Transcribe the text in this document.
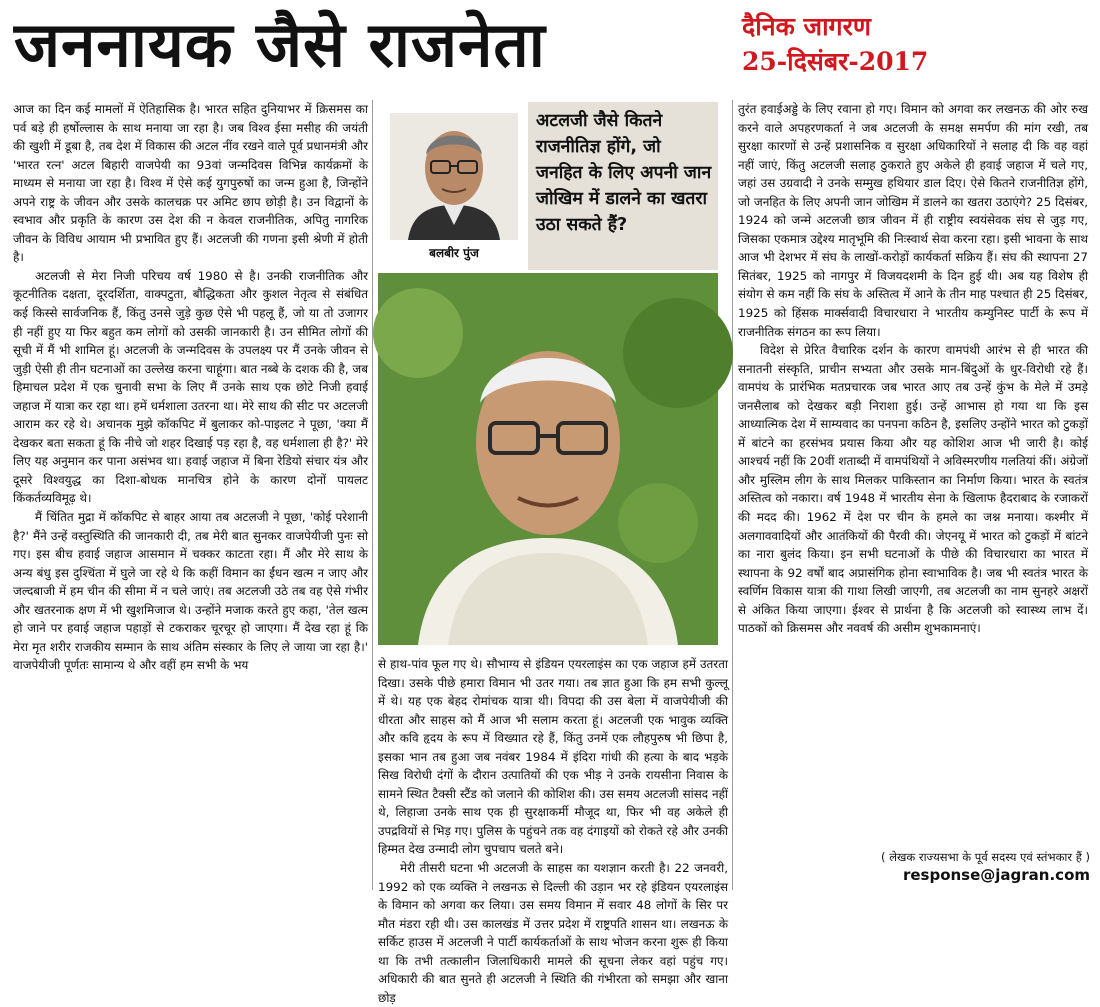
जननायक जैसे राजनेता	दैनिक जागरण
25-दिसंबर-2017

आज का दिन कई मामलों में ऐतिहासिक है। भारत सहित दुनियाभर में क्रिसमस का पर्व बड़े ही हर्षोल्लास के साथ मनाया जा रहा है। जब विश्व ईसा मसीह की जयंती की खुशी में डूबा है, तब देश में विकास की अटल नींव रखने वाले पूर्व प्रधानमंत्री और 'भारत रत्न' अटल बिहारी वाजपेयी का 93वां जन्मदिवस विभिन्न कार्यक्रमों के माध्यम से मनाया जा रहा है। विश्व में ऐसे कई युगपुरुषों का जन्म हुआ है, जिन्होंने अपने राष्ट्र के जीवन और उसके कालचक्र पर अमिट छाप छोड़ी है। उन विद्वानों के स्वभाव और प्रकृति के कारण उस देश की न केवल राजनीतिक, अपितु नागरिक जीवन के विविध आयाम भी प्रभावित हुए हैं। अटलजी की गणना इसी श्रेणी में होती है।

अटलजी से मेरा निजी परिचय वर्ष 1980 से है। उनकी राजनीतिक और कूटनीतिक दक्षता, दूरदर्शिता, वाक्पटुता, बौद्धिकता और कुशल नेतृत्व से संबंधित कई किस्से सार्वजनिक हैं, किंतु उनसे जुड़े कुछ ऐसे भी पहलू हैं, जो या तो उजागर ही नहीं हुए या फिर बहुत कम लोगों को उसकी जानकारी है। उन सीमित लोगों की सूची में मैं भी शामिल हूं। अटलजी के जन्मदिवस के उपलक्ष्य पर मैं उनके जीवन से जुड़ी ऐसी ही तीन घटनाओं का उल्लेख करना चाहूंगा। बात नब्बे के दशक की है, जब हिमाचल प्रदेश में एक चुनावी सभा के लिए मैं उनके साथ एक छोटे निजी हवाई जहाज में यात्रा कर रहा था। हमें धर्मशाला उतरना था। मेरे साथ की सीट पर अटलजी आराम कर रहे थे। अचानक मुझे कॉकपिट में बुलाकर को-पाइलट ने पूछा, 'क्या मैं देखकर बता सकता हूं कि नीचे जो शहर दिखाई पड़ रहा है, वह धर्मशाला ही है?' मेरे लिए यह अनुमान कर पाना असंभव था। हवाई जहाज में बिना रेडियो संचार यंत्र और दूसरे विश्वयुद्ध का दिशा-बोधक मानचित्र होने के कारण दोनों पायलट किंकर्तव्यविमूढ़ थे।

मैं चिंतित मुद्रा में कॉकपिट से बाहर आया तब अटलजी ने पूछा, 'कोई परेशानी है?' मैंने उन्हें वस्तुस्थिति की जानकारी दी, तब मेरी बात सुनकर वाजपेयीजी पुनः सो गए। इस बीच हवाई जहाज आसमान में चक्कर काटता रहा। मैं और मेरे साथ के अन्य बंधु इस दुश्चिंता में घुले जा रहे थे कि कहीं विमान का ईंधन खत्म न जाए और जल्दबाजी में हम चीन की सीमा में न चले जाएं। तब अटलजी उठे तब वह ऐसे गंभीर और खतरनाक क्षण में भी खुशमिजाज थे। उन्होंने मजाक करते हुए कहा, 'तेल खत्म हो जाने पर हवाई जहाज पहाड़ों से टकराकर चूरचूर हो जाएगा। मैं देख रहा हूं कि मेरा मृत शरीर राजकीय सम्मान के साथ अंतिम संस्कार के लिए ले जाया जा रहा है।' वाजपेयीजी पूर्णतः सामान्य थे और वहीं हम सभी के भय

बलबीर पुंज
अटलजी जैसे कितने राजनीतिज्ञ होंगे, जो जनहित के लिए अपनी जान जोखिम में डालने का खतरा उठा सकते हैं?

से हाथ-पांव फूल गए थे। सौभाग्य से इंडियन एयरलाइंस का एक जहाज हमें उतरता दिखा। उसके पीछे हमारा विमान भी उतर गया। तब ज्ञात हुआ कि हम सभी कुल्लू में थे। यह एक बेहद रोमांचक यात्रा थी। विपदा की उस बेला में वाजपेयीजी की धीरता और साहस को मैं आज भी सलाम करता हूं। अटलजी एक भावुक व्यक्ति और कवि हृदय के रूप में विख्यात रहे हैं, किंतु उनमें एक लौहपुरुष भी छिपा है, इसका भान तब हुआ जब नवंबर 1984 में इंदिरा गांधी की हत्या के बाद भड़के सिख विरोधी दंगों के दौरान उत्पातियों की एक भीड़ ने उनके रायसीना निवास के सामने स्थित टैक्सी स्टैंड को जलाने की कोशिश की। उस समय अटलजी सांसद नहीं थे, लिहाजा उनके साथ एक ही सुरक्षाकर्मी मौजूद था, फिर भी वह अकेले ही उपद्रवियों से भिड़ गए। पुलिस के पहुंचने तक वह दंगाइयों को रोकते रहे और उनकी हिम्मत देख उन्मादी लोग चुपचाप चलते बने।

मेरी तीसरी घटना भी अटलजी के साहस का यशज्ञान करती है। 22 जनवरी, 1992 को एक व्यक्ति ने लखनऊ से दिल्ली की उड़ान भर रहे इंडियन एयरलाइंस के विमान को अगवा कर लिया। उस समय विमान में सवार 48 लोगों के सिर पर मौत मंडरा रही थी। उस कालखंड में उत्तर प्रदेश में राष्ट्रपति शासन था। लखनऊ के सर्किट हाउस में अटलजी ने पार्टी कार्यकर्ताओं के साथ भोजन करना शुरू ही किया था कि तभी तत्कालीन जिलाधिकारी मामले की सूचना लेकर वहां पहुंच गए। अधिकारी की बात सुनते ही अटलजी ने स्थिति की गंभीरता को समझा और खाना छोड़

तुरंत हवाईअड्डे के लिए रवाना हो गए। विमान को अगवा कर लखनऊ की ओर रुख करने वाले अपहरणकर्ता ने जब अटलजी के समक्ष समर्पण की मांग रखी, तब सुरक्षा कारणों से उन्हें प्रशासनिक व सुरक्षा अधिकारियों ने सलाह दी कि वह वहां नहीं जाएं, किंतु अटलजी सलाह ठुकराते हुए अकेले ही हवाई जहाज में चले गए, जहां उस उग्रवादी ने उनके सम्मुख हथियार डाल दिए। ऐसे कितने राजनीतिज्ञ होंगे, जो जनहित के लिए अपनी जान जोखिम में डालने का खतरा उठाएंगे? 25 दिसंबर, 1924 को जन्मे अटलजी छात्र जीवन में ही राष्ट्रीय स्वयंसेवक संघ से जुड़ गए, जिसका एकमात्र उद्देश्य मातृभूमि की निःस्वार्थ सेवा करना रहा। इसी भावना के साथ आज भी देशभर में संघ के लाखों-करोड़ों कार्यकर्ता सक्रिय हैं। संघ की स्थापना 27 सितंबर, 1925 को नागपुर में विजयदशमी के दिन हुई थी। अब यह विशेष ही संयोग से कम नहीं कि संघ के अस्तित्व में आने के तीन माह पश्चात ही 25 दिसंबर, 1925 को हिंसक मार्क्सवादी विचारधारा ने भारतीय कम्युनिस्ट पार्टी के रूप में राजनीतिक संगठन का रूप लिया।

विदेश से प्रेरित वैचारिक दर्शन के कारण वामपंथी आरंभ से ही भारत की सनातनी संस्कृति, प्राचीन सभ्यता और उसके मान-बिंदुओं के धुर-विरोधी रहे हैं। वामपंथ के प्रारंभिक मतप्रचारक जब भारत आए तब उन्हें कुंभ के मेले में उमड़े जनसैलाब को देखकर बड़ी निराशा हुई। उन्हें आभास हो गया था कि इस आध्यात्मिक देश में साम्यवाद का पनपना कठिन है, इसलिए उन्होंने भारत को टुकड़ों में बांटने का हरसंभव प्रयास किया और यह कोशिश आज भी जारी है। कोई आश्चर्य नहीं कि 20वीं शताब्दी में वामपंथियों ने अविस्मरणीय गलतियां कीं। अंग्रेजों और मुस्लिम लीग के साथ मिलकर पाकिस्तान का निर्माण किया। भारत के स्वतंत्र अस्तित्व को नकारा। वर्ष 1948 में भारतीय सेना के खिलाफ हैदराबाद के रजाकरों की मदद की। 1962 में देश पर चीन के हमले का जश्न मनाया। कश्मीर में अलगाववादियों और आतंकियों की पैरवी की। जेएनयू में भारत को टुकड़ों में बांटने का नारा बुलंद किया। इन सभी घटनाओं के पीछे की विचारधारा का भारत में स्थापना के 92 वर्षों बाद अप्रासंगिक होना स्वाभाविक है। जब भी स्वतंत्र भारत के स्वर्णिम विकास यात्रा की गाथा लिखी जाएगी, तब अटलजी का नाम सुनहरे अक्षरों से अंकित किया जाएगा। ईश्वर से प्रार्थना है कि अटलजी को स्वास्थ्य लाभ दें। पाठकों को क्रिसमस और नववर्ष की असीम शुभकामनाएं।

( लेखक राज्यसभा के पूर्व सदस्य एवं स्तंभकार हैं )
response@jagran.com
